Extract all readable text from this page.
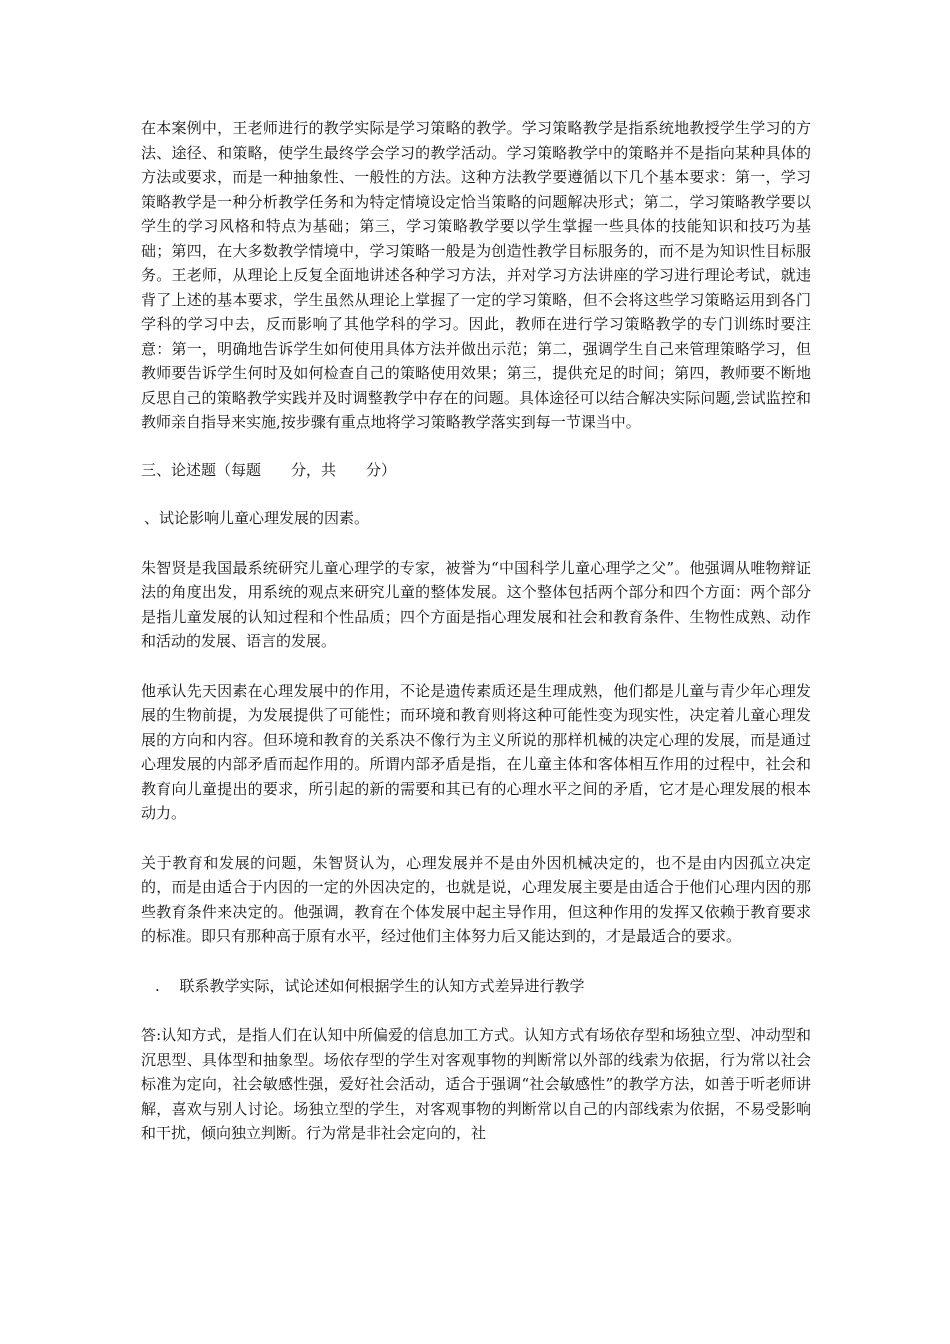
在本案例中，王老师进行的教学实际是学习策略的教学。学习策略教学是指系统地教授学生学习的方法、途径、和策略，使学生最终学会学习的教学活动。学习策略教学中的策略并不是指向某种具体的方法或要求，而是一种抽象性、一般性的方法。这种方法教学要遵循以下几个基本要求：第一，学习策略教学是一种分析教学任务和为特定情境设定恰当策略的问题解决形式；第二，学习策略教学要以学生的学习风格和特点为基础；第三，学习策略教学要以学生掌握一些具体的技能知识和技巧为基础；第四，在大多数教学情境中，学习策略一般是为创造性教学目标服务的，而不是为知识性目标服务。王老师，从理论上反复全面地讲述各种学习方法，并对学习方法讲座的学习进行理论考试，就违背了上述的基本要求，学生虽然从理论上掌握了一定的学习策略，但不会将这些学习策略运用到各门学科的学习中去，反而影响了其他学科的学习。因此，教师在进行学习策略教学的专门训练时要注意：第一，明确地告诉学生如何使用具体方法并做出示范；第二，强调学生自己来管理策略学习，但教师要告诉学生何时及如何检查自己的策略使用效果；第三，提供充足的时间；第四，教师要不断地反思自己的策略教学实践并及时调整教学中存在的问题。具体途径可以结合解决实际问题,尝试监控和教师亲自指导来实施,按步骤有重点地将学习策略教学落实到每一节课当中。

三、论述题（每题　　分，共　　分）

、试论影响儿童心理发展的因素。

朱智贤是我国最系统研究儿童心理学的专家，被誉为“中国科学儿童心理学之父”。他强调从唯物辩证法的角度出发，用系统的观点来研究儿童的整体发展。这个整体包括两个部分和四个方面：两个部分是指儿童发展的认知过程和个性品质；四个方面是指心理发展和社会和教育条件、生物性成熟、动作和活动的发展、语言的发展。

他承认先天因素在心理发展中的作用，不论是遗传素质还是生理成熟，他们都是儿童与青少年心理发展的生物前提，为发展提供了可能性；而环境和教育则将这种可能性变为现实性，决定着儿童心理发展的方向和内容。但环境和教育的关系决不像行为主义所说的那样机械的决定心理的发展，而是通过心理发展的内部矛盾而起作用的。所谓内部矛盾是指，在儿童主体和客体相互作用的过程中，社会和教育向儿童提出的要求，所引起的新的需要和其已有的心理水平之间的矛盾，它才是心理发展的根本动力。

关于教育和发展的问题，朱智贤认为，心理发展并不是由外因机械决定的，也不是由内因孤立决定的，而是由适合于内因的一定的外因决定的，也就是说，心理发展主要是由适合于他们心理内因的那些教育条件来决定的。他强调，教育在个体发展中起主导作用，但这种作用的发挥又依赖于教育要求的标准。即只有那种高于原有水平，经过他们主体努力后又能达到的，才是最适合的要求。

.　 联系教学实际，试论述如何根据学生的认知方式差异进行教学

答:认知方式，是指人们在认知中所偏爱的信息加工方式。认知方式有场依存型和场独立型、冲动型和沉思型、具体型和抽象型。场依存型的学生对客观事物的判断常以外部的线索为依据，行为常以社会标准为定向，社会敏感性强，爱好社会活动，适合于强调“社会敏感性”的教学方法，如善于听老师讲解，喜欢与别人讨论。场独立型的学生，对客观事物的判断常以自己的内部线索为依据，不易受影响和干扰，倾向独立判断。行为常是非社会定向的，社
